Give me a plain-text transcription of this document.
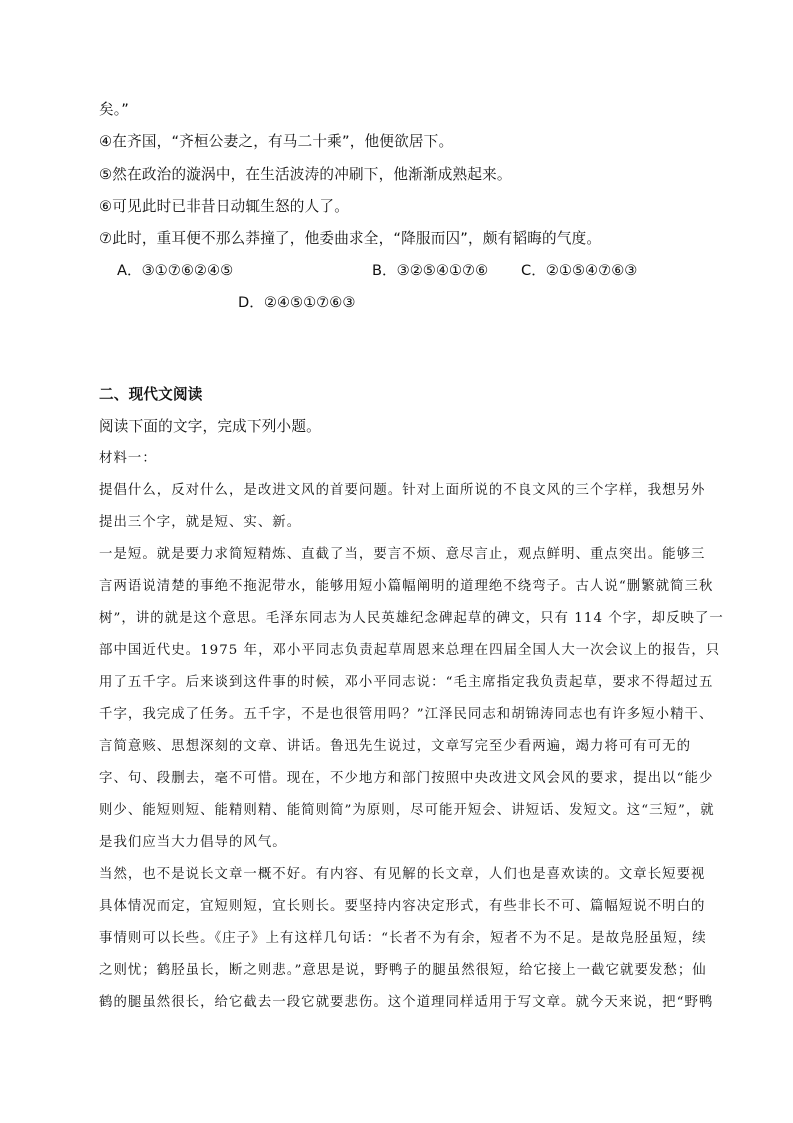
矣。”
④在齐国，“齐桓公妻之，有马二十乘”，他便欲居下。
⑤然在政治的漩涡中，在生活波涛的冲刷下，他渐渐成熟起来。
⑥可见此时已非昔日动辄生怒的人了。
⑦此时，重耳便不那么莽撞了，他委曲求全，“降服而囚”，颇有韬晦的气度。
A．③①⑦⑥②④⑤	B．③②⑤④①⑦⑥ C．②①⑤④⑦⑥③
D．②④⑤①⑦⑥③
二、现代文阅读
阅读下面的文字，完成下列小题。
材料一：
提倡什么，反对什么，是改进文风的首要问题。针对上面所说的不良文风的三个字样，我想另外
提出三个字，就是短、实、新。
一是短。就是要力求简短精炼、直截了当，要言不烦、意尽言止，观点鲜明、重点突出。能够三
言两语说清楚的事绝不拖泥带水，能够用短小篇幅阐明的道理绝不绕弯子。古人说“删繁就简三秋
树”，讲的就是这个意思。毛泽东同志为人民英雄纪念碑起草的碑文，只有 114 个字，却反映了一
部中国近代史。1975 年，邓小平同志负责起草周恩来总理在四届全国人大一次会议上的报告，只
用了五千字。后来谈到这件事的时候，邓小平同志说：“毛主席指定我负责起草，要求不得超过五
千字，我完成了任务。五千字，不是也很管用吗？”江泽民同志和胡锦涛同志也有许多短小精干、
言简意赅、思想深刻的文章、讲话。鲁迅先生说过，文章写完至少看两遍，竭力将可有可无的
字、句、段删去，毫不可惜。现在，不少地方和部门按照中央改进文风会风的要求，提出以“能少
则少、能短则短、能精则精、能简则简”为原则，尽可能开短会、讲短话、发短文。这“三短”，就
是我们应当大力倡导的风气。
当然，也不是说长文章一概不好。有内容、有见解的长文章，人们也是喜欢读的。文章长短要视
具体情况而定，宜短则短，宜长则长。要坚持内容决定形式，有些非长不可、篇幅短说不明白的
事情则可以长些。《庄子》上有这样几句话：“长者不为有余，短者不为不足。是故凫胫虽短，续
之则忧；鹤胫虽长，断之则悲。”意思是说，野鸭子的腿虽然很短，给它接上一截它就要发愁；仙
鹤的腿虽然很长，给它截去一段它就要悲伤。这个道理同样适用于写文章。就今天来说，把“野鸭
